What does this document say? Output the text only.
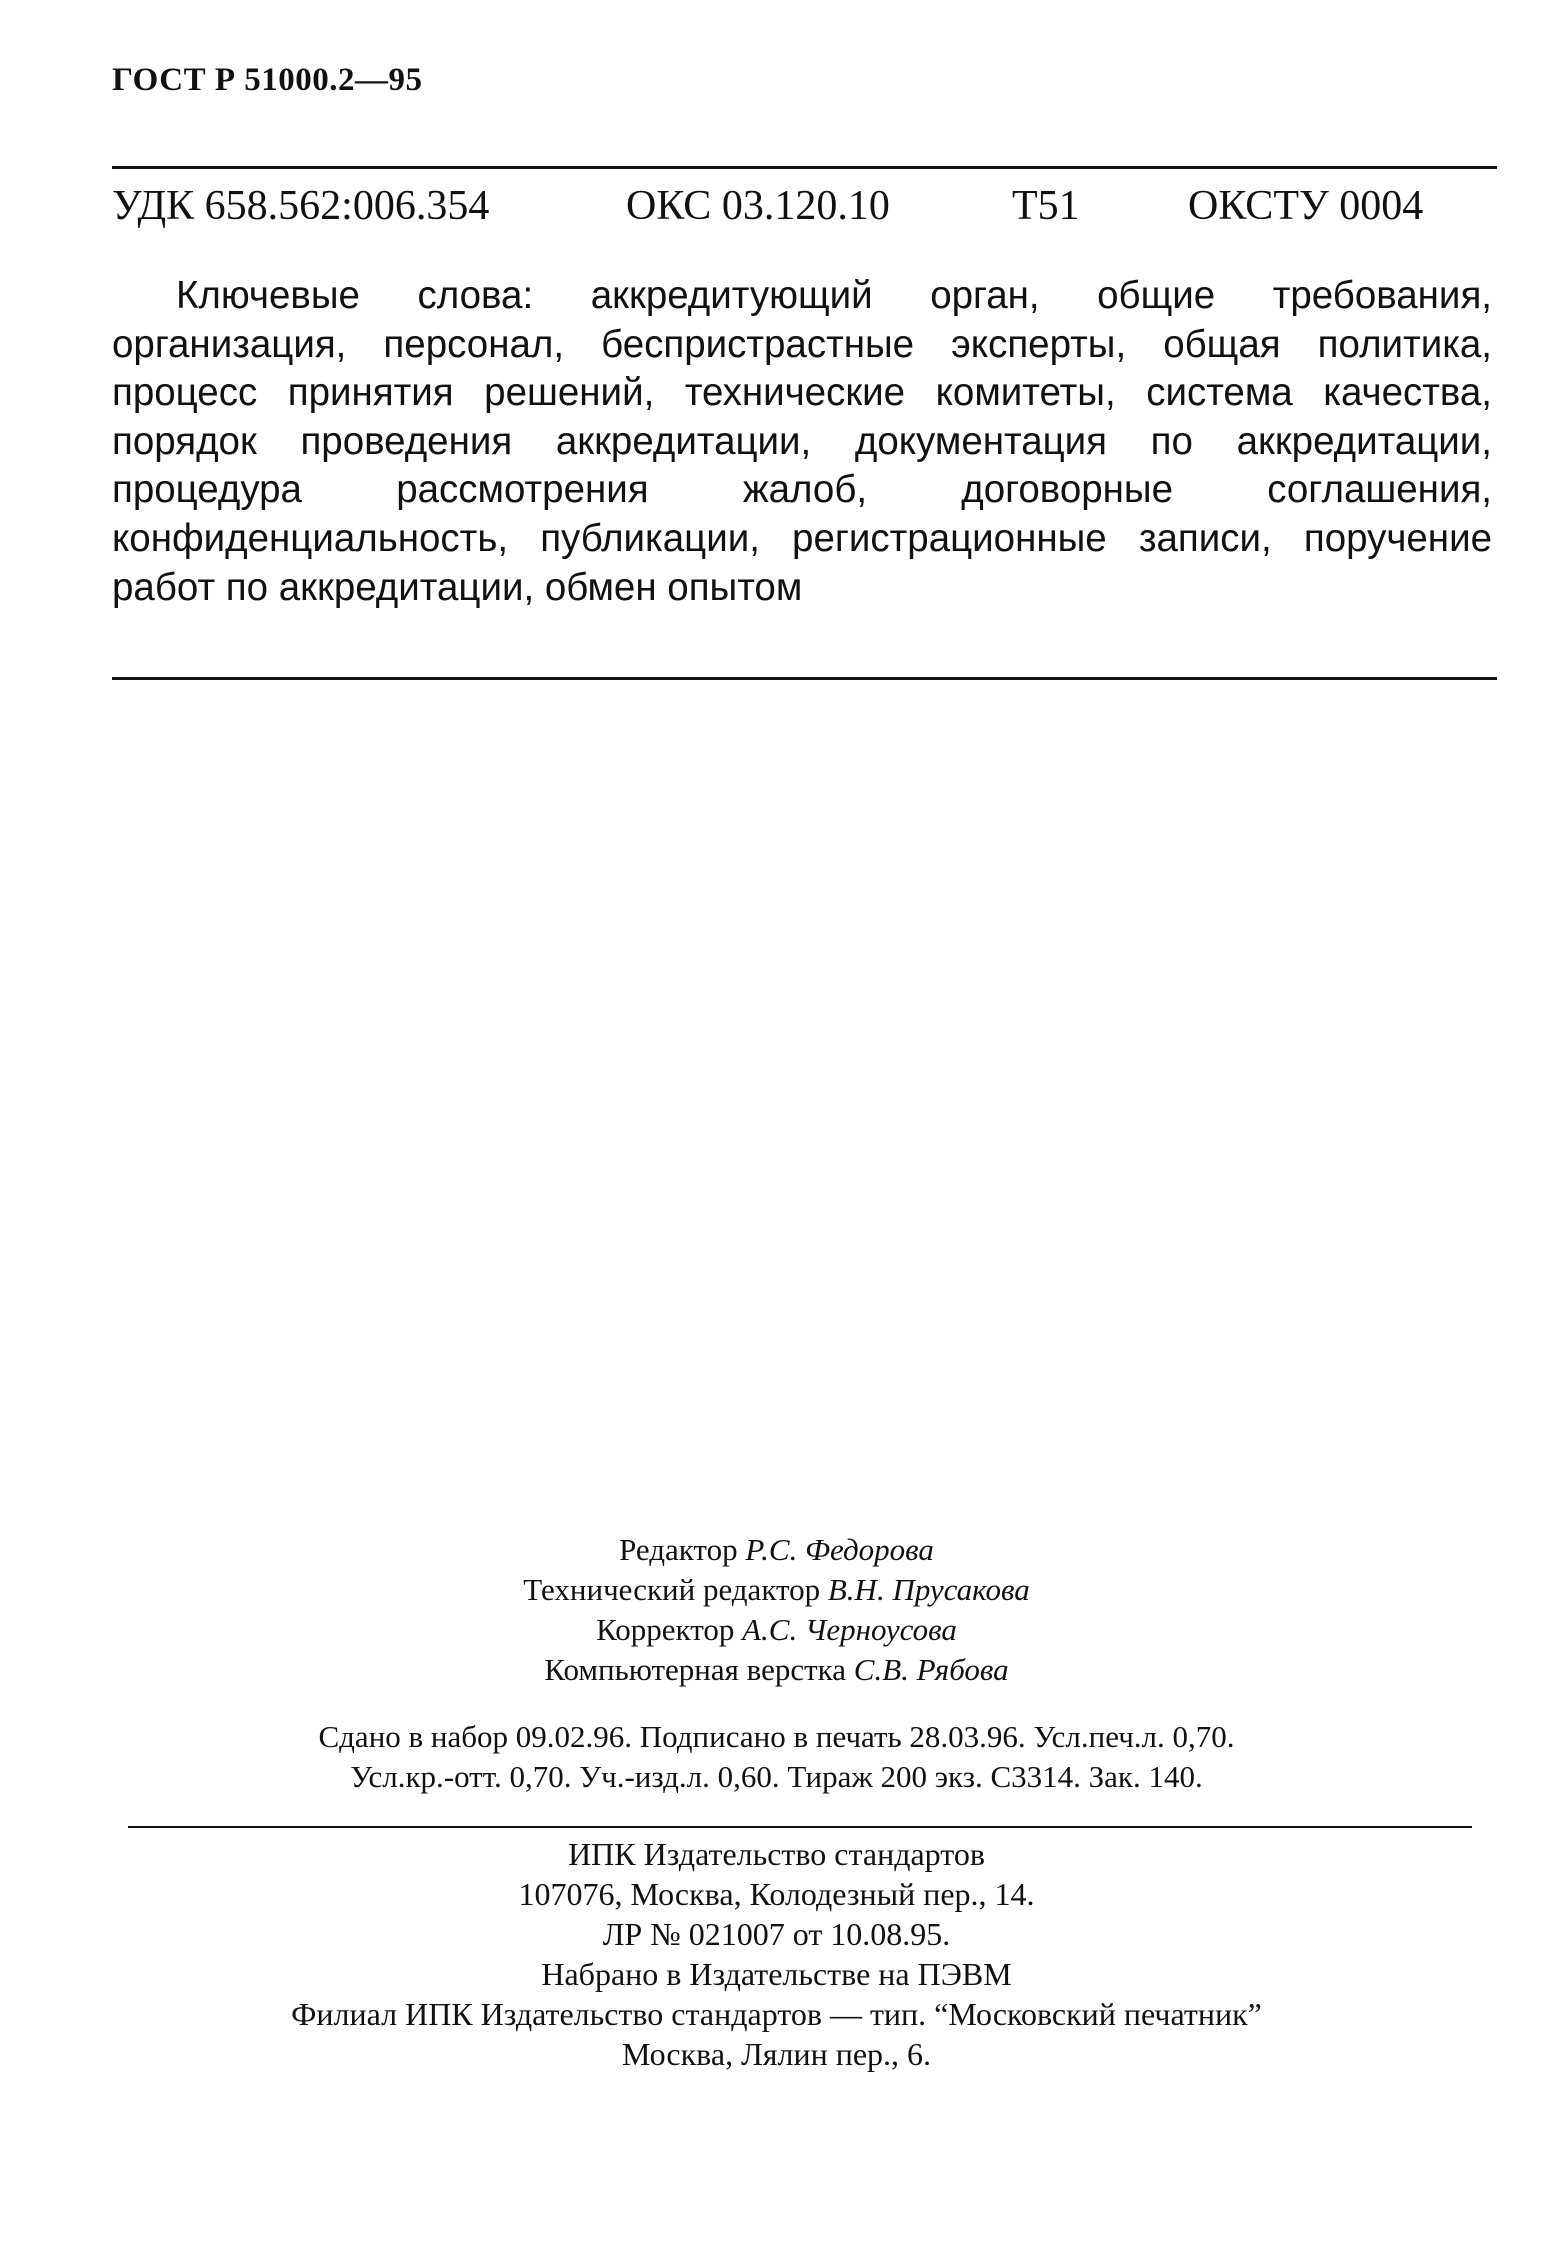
ГОСТ Р 51000.2—95
УДК 658.562:006.354	ОКС 03.120.10	Т51	ОКСТУ 0004

Ключевые слова: аккредитующий орган, общие требования, организация, персонал, беспристрастные эксперты, общая политика, процесс принятия решений, технические комитеты, система качества, порядок проведения аккредитации, документация по аккредитации, процедура рассмотрения жалоб, договорные соглашения, конфиденциальность, публикации, регистрационные записи, поручение работ по аккредитации, обмен опытом

Редактор Р.С. Федорова
Технический редактор В.Н. Прусакова
Корректор А.С. Черноусова
Компьютерная верстка С.В. Рябова
Сдано в набор 09.02.96. Подписано в печать 28.03.96. Усл.печ.л. 0,70.
Усл.кр.-отт. 0,70. Уч.-изд.л. 0,60. Тираж 200 экз. С3314. Зак. 140.
ИПК Издательство стандартов
107076, Москва, Колодезный пер., 14.
ЛР № 021007 от 10.08.95.
Набрано в Издательстве на ПЭВМ
Филиал ИПК Издательство стандартов — тип. “Московский печатник”
Москва, Лялин пер., 6.
